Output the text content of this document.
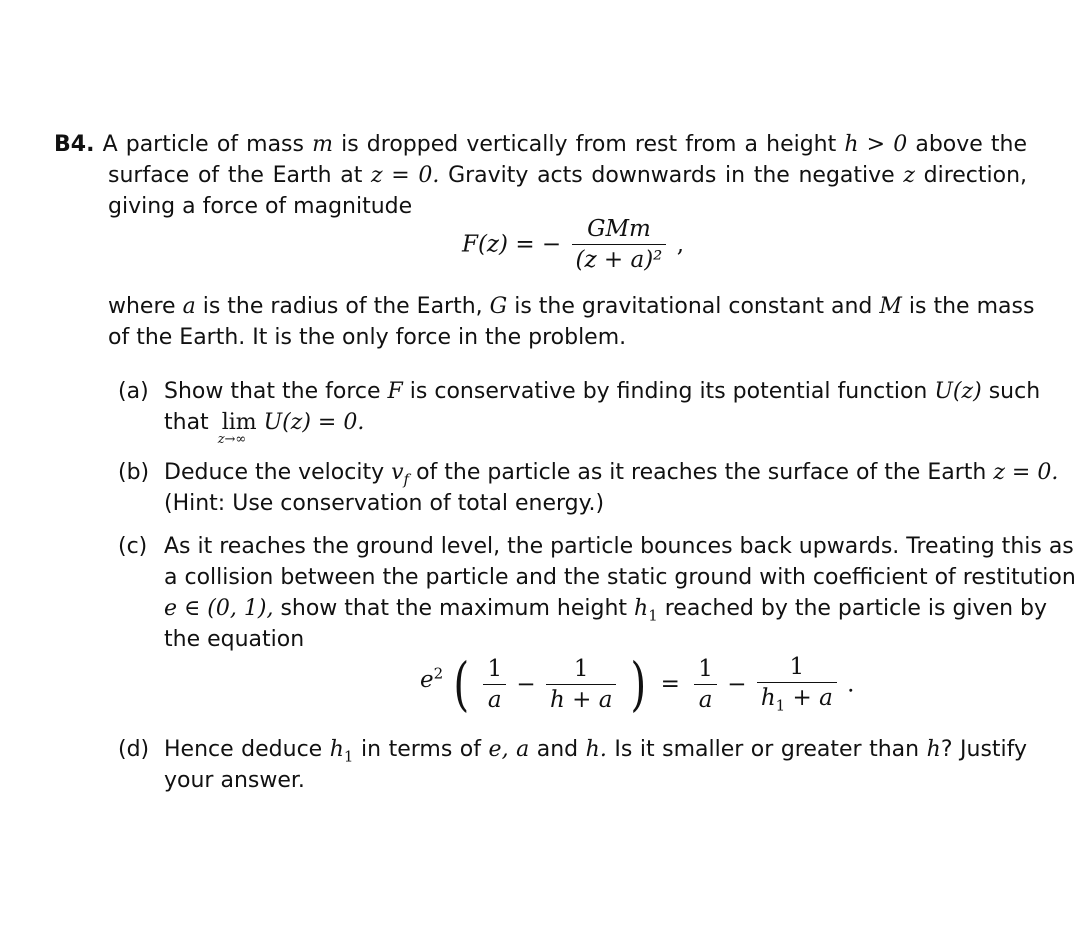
B4. A particle of mass m is dropped vertically from rest from a height h > 0 above the
surface of the Earth at z = 0. Gravity acts downwards in the negative z direction,
giving a force of magnitude
F(z) = − $\frac{\text{GMm}}{\text{(z + a)²}}$ ,
where a is the radius of the Earth, G is the gravitational constant and M is the mass
of the Earth. It is the only force in the problem.
(a) Show that the force F is conservative by finding its potential function U(z) such
that lim
z→∞
U(z) = 0.
(b) Deduce the velocity $v_f$ of the particle as it reaches the surface of the Earth z = 0.
(Hint: Use conservation of total energy.)
(c) As it reaches the ground level, the particle bounces back upwards. Treating this as
a collision between the particle and the static ground with coefficient of restitution
e ∈ (0, 1), show that the maximum height $h_1$ reached by the particle is given by
the equation
$e^2$ ( $\frac{1}{a} - \frac{1}{h + a}$ ) = $\frac{1}{a} - \frac{1}{h_1 + a}$ .
(d) Hence deduce $h_1$ in terms of e, a and h. Is it smaller or greater than h? Justify
your answer.
